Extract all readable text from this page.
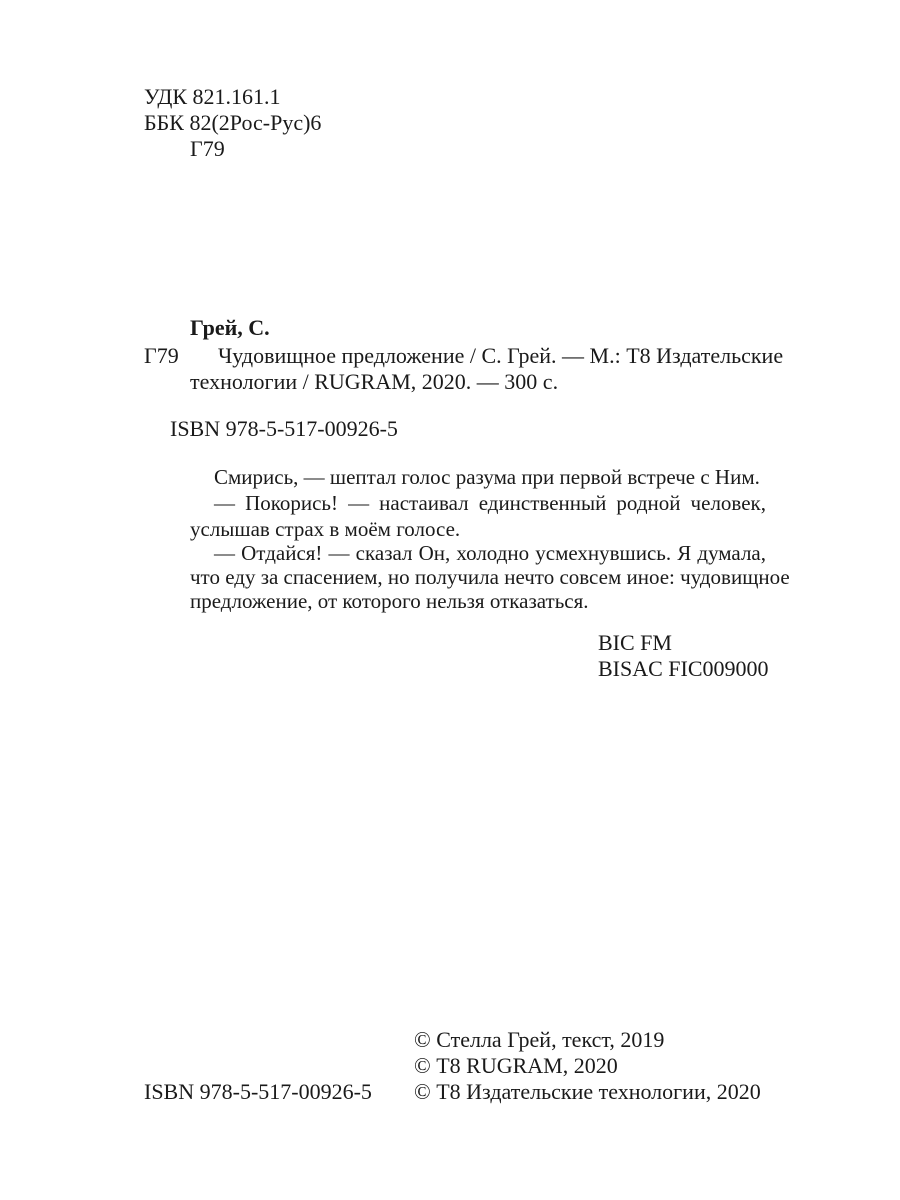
УДК 821.161.1
ББК 82(2Рос-Рус)6
Г79
Грей, С.
Г79 Чудовищное предложение / С. Грей. — М.: Т8 Издательские
технологии / RUGRAM, 2020. — 300 с.
ISBN 978-5-517-00926-5
Смирись, — шептал голос разума при первой встрече с Ним.
— Покорись! — настаивал единственный родной человек,
услышав страх в моём голосе.
— Отдайся! — сказал Он, холодно усмехнувшись. Я думала,
что еду за спасением, но получила нечто совсем иное: чудовищное
предложение, от которого нельзя отказаться.
BIC FM
BISAC FIC009000
© Стелла Грей, текст, 2019
© Т8 RUGRAM, 2020
ISBN 978-5-517-00926-5 © Т8 Издательские технологии, 2020
